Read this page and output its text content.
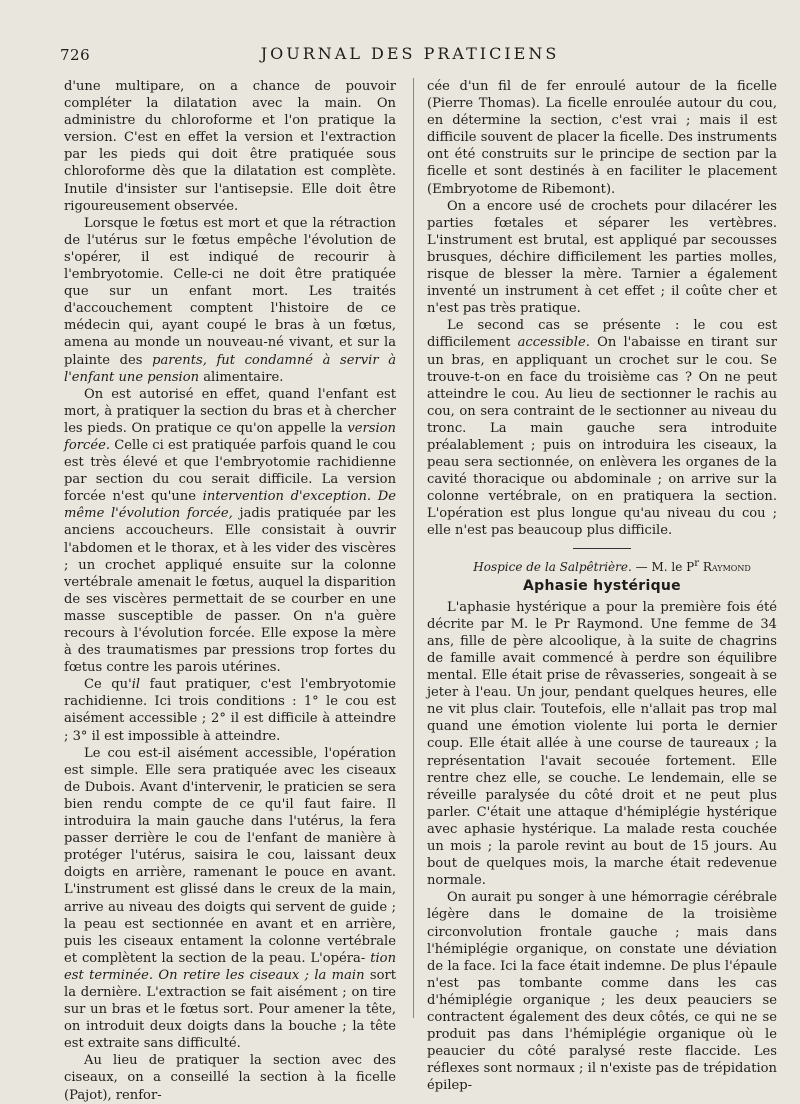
726	JOURNAL DES PRATICIENS

d'une multipare, on a chance de pouvoir compléter la dilatation avec la main. On administre du chloroforme et l'on pratique la version. C'est en effet la version et l'extraction par les pieds qui doit être pratiquée sous chloroforme dès que la dilatation est complète. Inutile d'insister sur l'antisepsie. Elle doit être rigoureusement observée.

Lorsque le fœtus est mort et que la rétraction de l'utérus sur le fœtus empêche l'évolution de s'opérer, il est indiqué de recourir à l'embryotomie. Celle-ci ne doit être pratiquée que sur un enfant mort. Les traités d'accouchement comptent l'histoire de ce médecin qui, ayant coupé le bras à un fœtus, amena au monde un nouveau-né vivant, et sur la plainte des parents, fut condamné à servir à l'enfant une pension alimentaire.

On est autorisé en effet, quand l'enfant est mort, à pratiquer la section du bras et à chercher les pieds. On pratique ce qu'on appelle la version forcée. Celle ci est pratiquée parfois quand le cou est très élevé et que l'embryotomie rachidienne par section du cou serait difficile. La version forcée n'est qu'une intervention d'exception. De même l'évolution forcée, jadis pratiquée par les anciens accoucheurs. Elle consistait à ouvrir l'abdomen et le thorax, et à les vider des viscères ; un crochet appliqué ensuite sur la colonne vertébrale amenait le fœtus, auquel la disparition de ses viscères permettait de se courber en une masse susceptible de passer. On n'a guère recours à l'évolution forcée. Elle expose la mère à des traumatismes par pressions trop fortes du fœtus contre les parois utérines.

Ce qu'il faut pratiquer, c'est l'embryotomie rachidienne. Ici trois conditions : 1° le cou est aisément accessible ; 2° il est difficile à atteindre ; 3° il est impossible à atteindre.

Le cou est-il aisément accessible, l'opération est simple. Elle sera pratiquée avec les ciseaux de Dubois. Avant d'intervenir, le praticien se sera bien rendu compte de ce qu'il faut faire. Il introduira la main gauche dans l'utérus, la fera passer derrière le cou de l'enfant de manière à protéger l'utérus, saisira le cou, laissant deux doigts en arrière, ramenant le pouce en avant. L'instrument est glissé dans le creux de la main, arrive au niveau des doigts qui servent de guide ; la peau est sectionnée en avant et en arrière, puis les ciseaux entament la colonne vertébrale et complètent la section de la peau. L'opéra- tion est terminée. On retire les ciseaux ; la main sort la dernière. L'extraction se fait aisément ; on tire sur un bras et le fœtus sort. Pour amener la tête, on introduit deux doigts dans la bouche ; la tête est extraite sans difficulté.

Au lieu de pratiquer la section avec des ciseaux, on a conseillé la section à la ficelle (Pajot), renfor-

cée d'un fil de fer enroulé autour de la ficelle (Pierre Thomas). La ficelle enroulée autour du cou, en détermine la section, c'est vrai ; mais il est difficile souvent de placer la ficelle. Des instruments ont été construits sur le principe de section par la ficelle et sont destinés à en faciliter le placement (Embryotome de Ribemont).

On a encore usé de crochets pour dilacérer les parties fœtales et séparer les vertèbres. L'instrument est brutal, est appliqué par secousses brusques, déchire difficilement les parties molles, risque de blesser la mère. Tarnier a également inventé un instrument à cet effet ; il coûte cher et n'est pas très pratique.

Le second cas se présente : le cou est difficilement accessible. On l'abaisse en tirant sur un bras, en appliquant un crochet sur le cou. Se trouve-t-on en face du troisième cas ? On ne peut atteindre le cou. Au lieu de sectionner le rachis au cou, on sera contraint de le sectionner au niveau du tronc. La main gauche sera introduite préalablement ; puis on introduira les ciseaux, la peau sera sectionnée, on enlèvera les organes de la cavité thoracique ou abdominale ; on arrive sur la colonne vertébrale, on en pratiquera la section. L'opération est plus longue qu'au niveau du cou ; elle n'est pas beaucoup plus difficile.

Hospice de la Salpêtrière. — M. le $P^r$ Raymond

Aphasie hystérique

L'aphasie hystérique a pour la première fois été décrite par M. le Pr Raymond. Une femme de 34 ans, fille de père alcoolique, à la suite de chagrins de famille avait commencé à perdre son équilibre mental. Elle était prise de rêvasseries, songeait à se jeter à l'eau. Un jour, pendant quelques heures, elle ne vit plus clair. Toutefois, elle n'allait pas trop mal quand une émotion violente lui porta le dernier coup. Elle était allée à une course de taureaux ; la représentation l'avait secouée fortement. Elle rentre chez elle, se couche. Le lendemain, elle se réveille paralysée du côté droit et ne peut plus parler. C'était une attaque d'hémiplégie hystérique avec aphasie hystérique. La malade resta couchée un mois ; la parole revint au bout de 15 jours. Au bout de quelques mois, la marche était redevenue normale.

On aurait pu songer à une hémorragie cérébrale légère dans le domaine de la troisième circonvolution frontale gauche ; mais dans l'hémiplégie organique, on constate une déviation de la face. Ici la face était indemne. De plus l'épaule n'est pas tombante comme dans les cas d'hémiplégie organique ; les deux peauciers se contractent également des deux côtés, ce qui ne se produit pas dans l'hémiplégie organique où le peaucier du côté paralysé reste flaccide. Les réflexes sont normaux ; il n'existe pas de trépidation épilep-
